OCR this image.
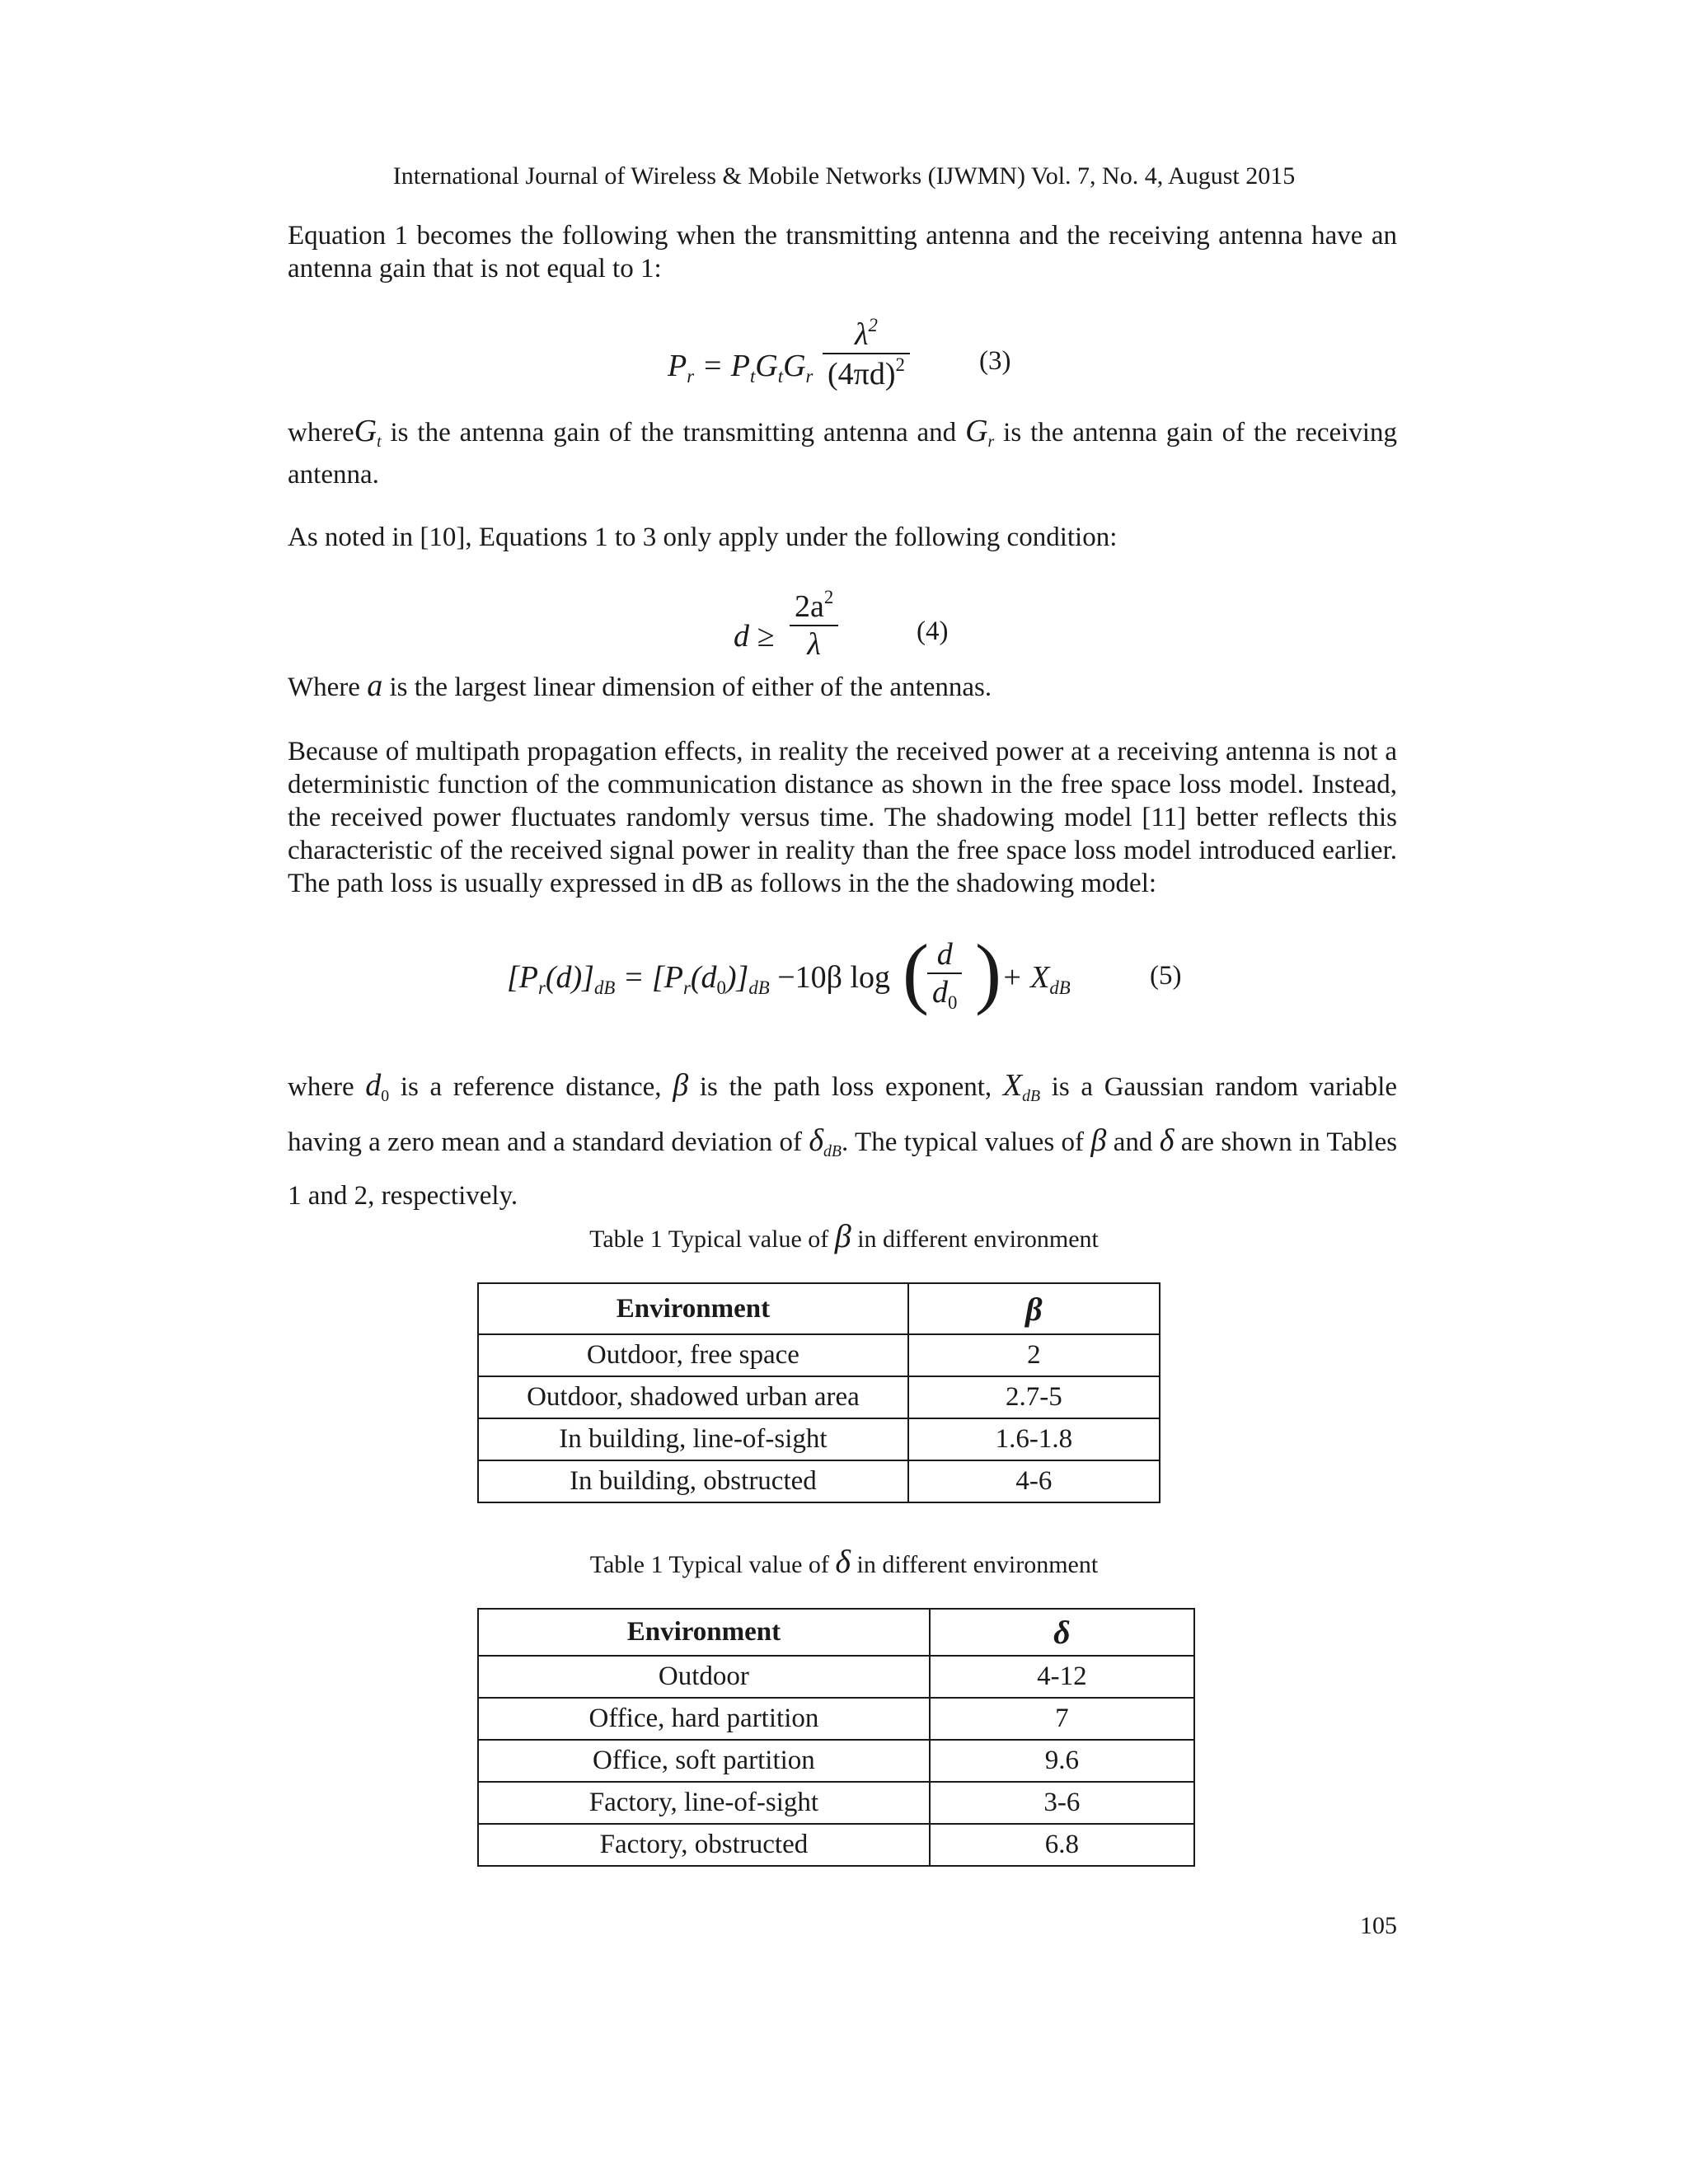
International Journal of Wireless & Mobile Networks (IJWMN) Vol. 7, No. 4, August 2015
Equation 1 becomes the following when the transmitting antenna and the receiving antenna have an antenna gain that is not equal to 1:
$P_r = P_tG_tG_r \frac{\lambda^2}{(4\pi d)^2}$	(3)
whereG$_t$ is the antenna gain of the transmitting antenna and $G_r$ is the antenna gain of the receiving antenna.
As noted in [10], Equations 1 to 3 only apply under the following condition:
$d \ge \frac{2a^2}{\lambda}$	(4)
Where a is the largest linear dimension of either of the antennas.
Because of multipath propagation effects, in reality the received power at a receiving antenna is not a deterministic function of the communication distance as shown in the free space loss model. Instead, the received power fluctuates randomly versus time. The shadowing model [11] better reflects this characteristic of the received signal power in reality than the free space loss model introduced earlier. The path loss is usually expressed in dB as follows in the the shadowing model:
$[P_r(d)]_{dB} = [P_r(d_0)]_{dB} -10\beta$ log (
$\frac{d}{d_0}$ ) + $X_{dB}$	(5)
where $d_0$ is a reference distance, β is the path loss exponent, $X_{dB}$ is a Gaussian random variable having a zero mean and a standard deviation of $\delta_{dB}$. The typical values of β and δ are shown in Tables 1 and 2, respectively.
Table 1 Typical value of β in different environment
Environment	β
Outdoor, free space	2
Outdoor, shadowed urban area	2.7-5
In building, line-of-sight	1.6-1.8
In building, obstructed	4-6
Table 1 Typical value of δ in different environment
Environment	δ
Outdoor	4-12
Office, hard partition	7
Office, soft partition	9.6
Factory, line-of-sight	3-6
Factory, obstructed	6.8
105
